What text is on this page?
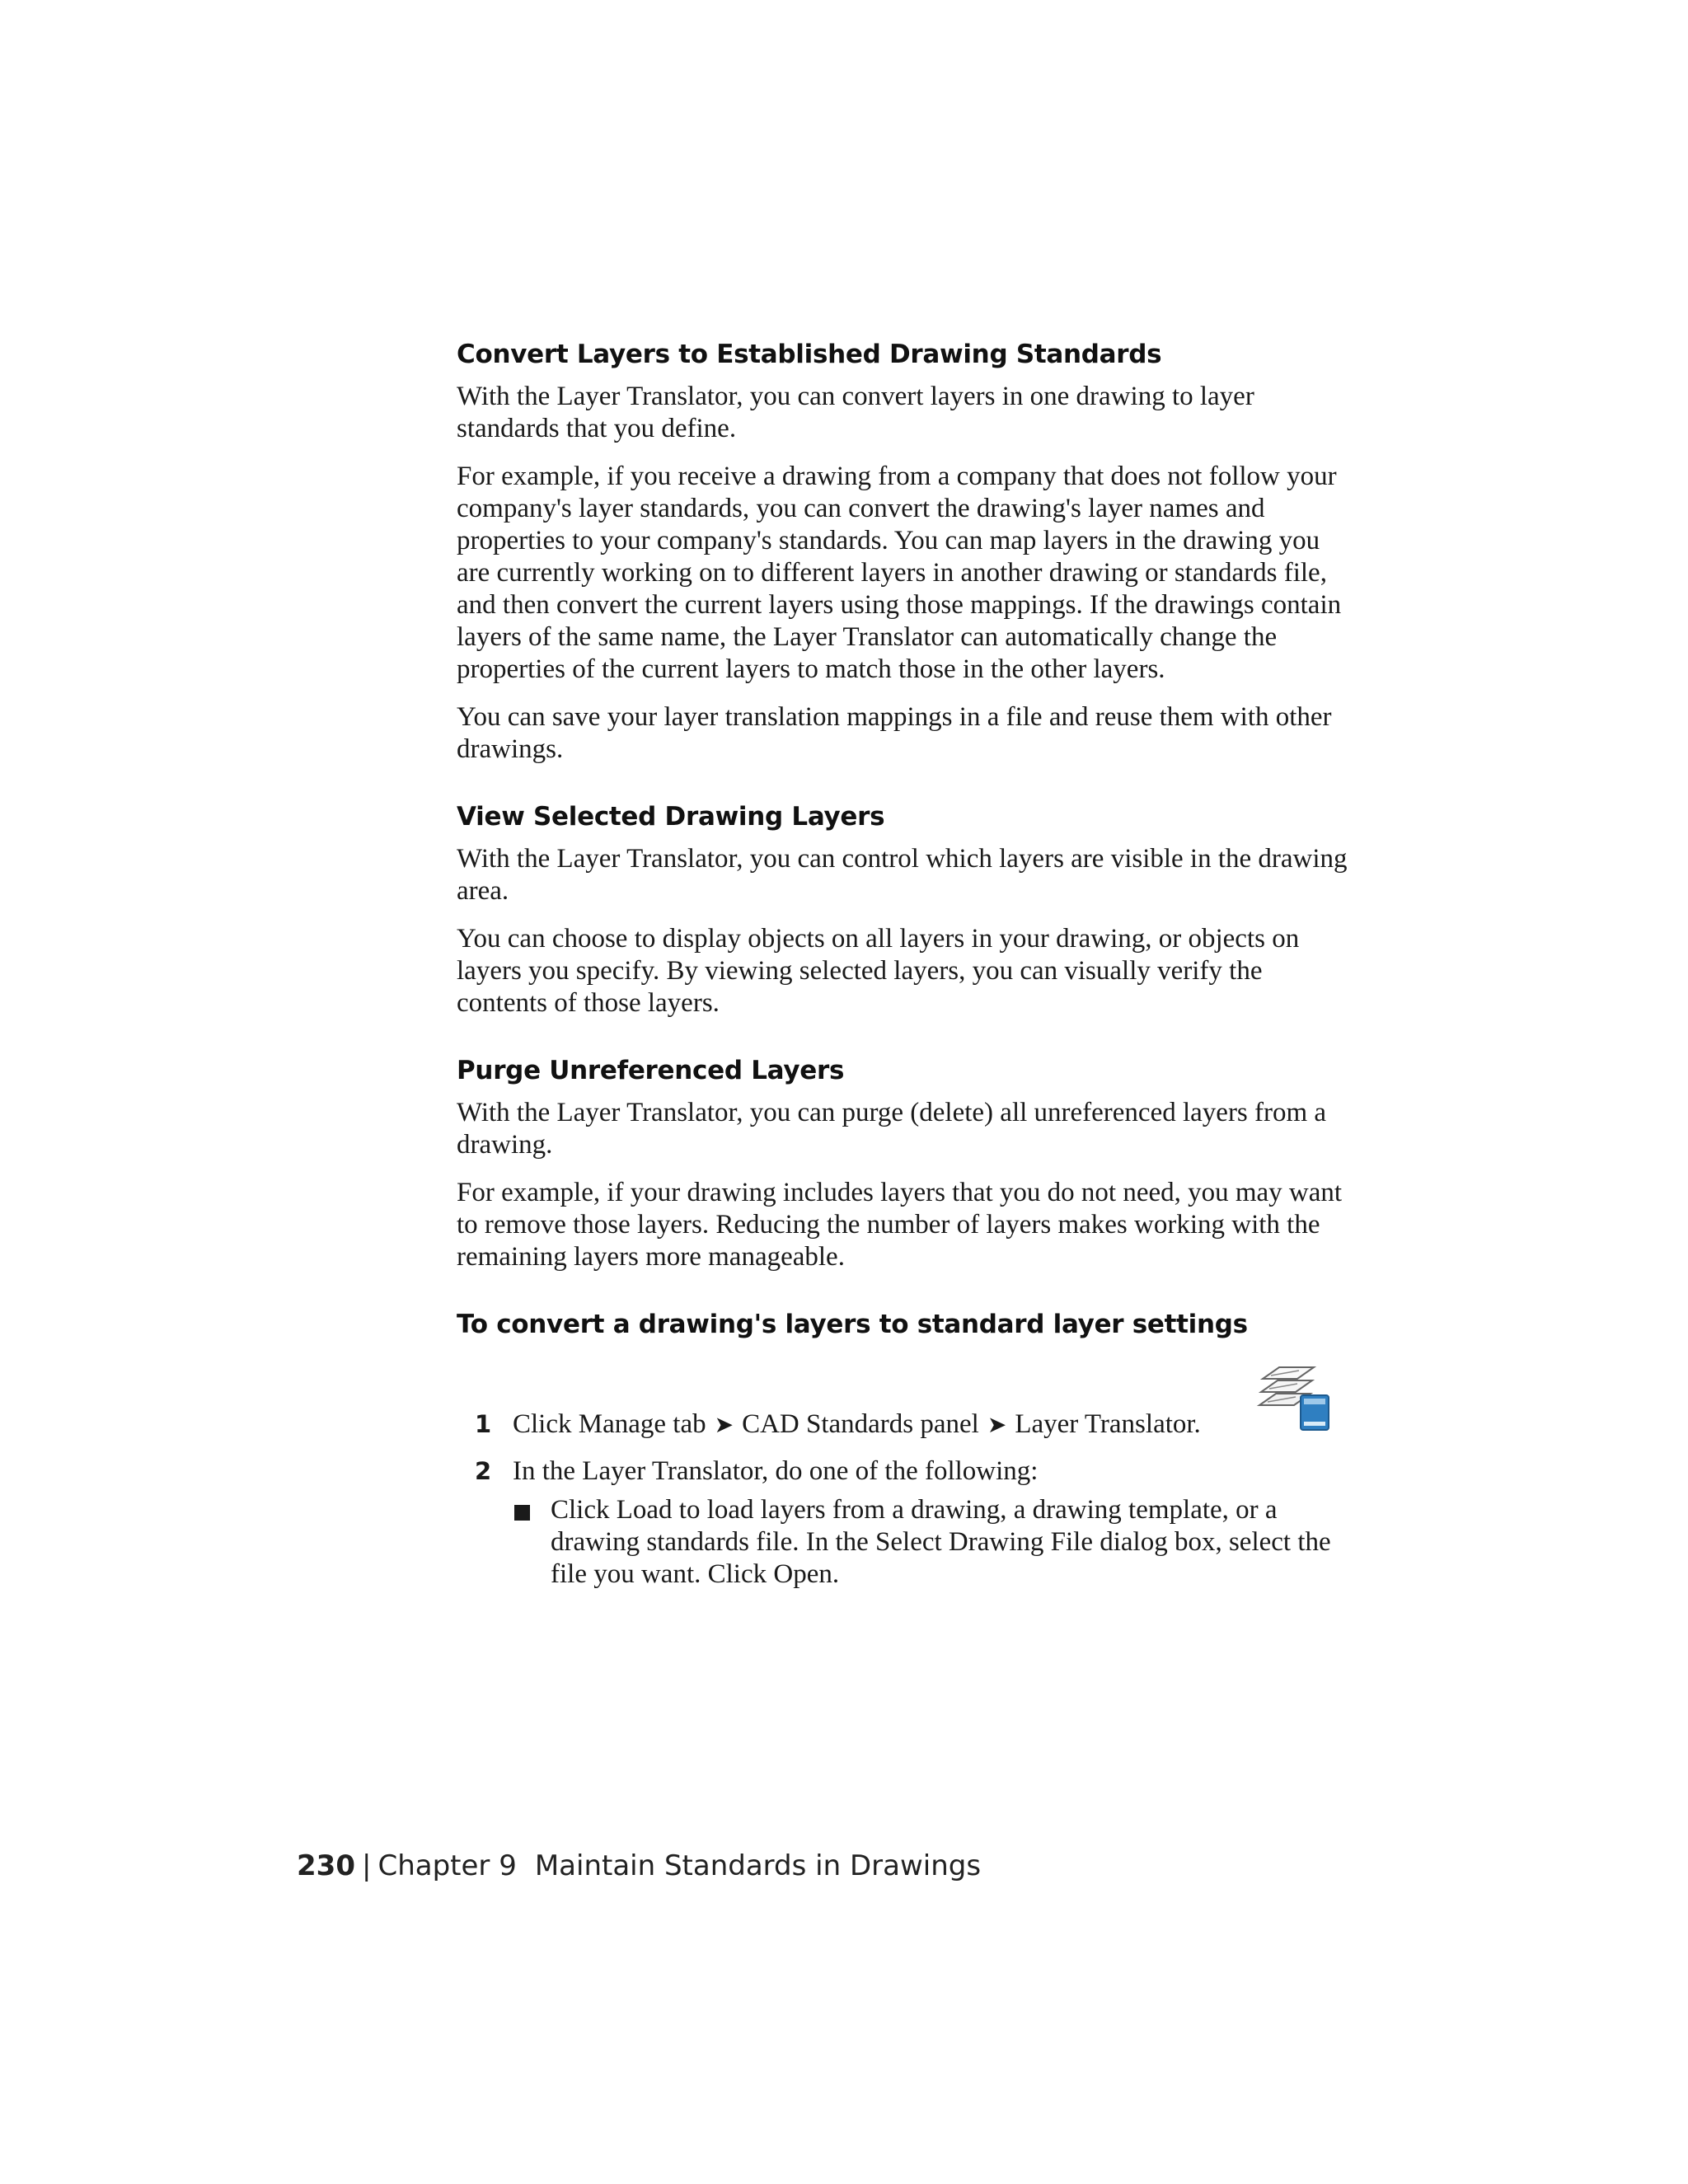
Convert Layers to Established Drawing Standards

With the Layer Translator, you can convert layers in one drawing to layer standards that you define.

For example, if you receive a drawing from a company that does not follow your company's layer standards, you can convert the drawing's layer names and properties to your company's standards. You can map layers in the drawing you are currently working on to different layers in another drawing or standards file, and then convert the current layers using those mappings. If the drawings contain layers of the same name, the Layer Translator can automatically change the properties of the current layers to match those in the other layers.

You can save your layer translation mappings in a file and reuse them with other drawings.

View Selected Drawing Layers

With the Layer Translator, you can control which layers are visible in the drawing area.

You can choose to display objects on all layers in your drawing, or objects on layers you specify. By viewing selected layers, you can visually verify the contents of those layers.

Purge Unreferenced Layers

With the Layer Translator, you can purge (delete) all unreferenced layers from a drawing.

For example, if your drawing includes layers that you do not need, you may want to remove those layers. Reducing the number of layers makes working with the remaining layers more manageable.

To convert a drawing's layers to standard layer settings
1 Click Manage tab ➤ CAD Standards panel ➤ Layer Translator.
2 In the Layer Translator, do one of the following:
Click Load to load layers from a drawing, a drawing template, or a drawing standards file. In the Select Drawing File dialog box, select the file you want. Click Open.
230 | Chapter 9 Maintain Standards in Drawings
